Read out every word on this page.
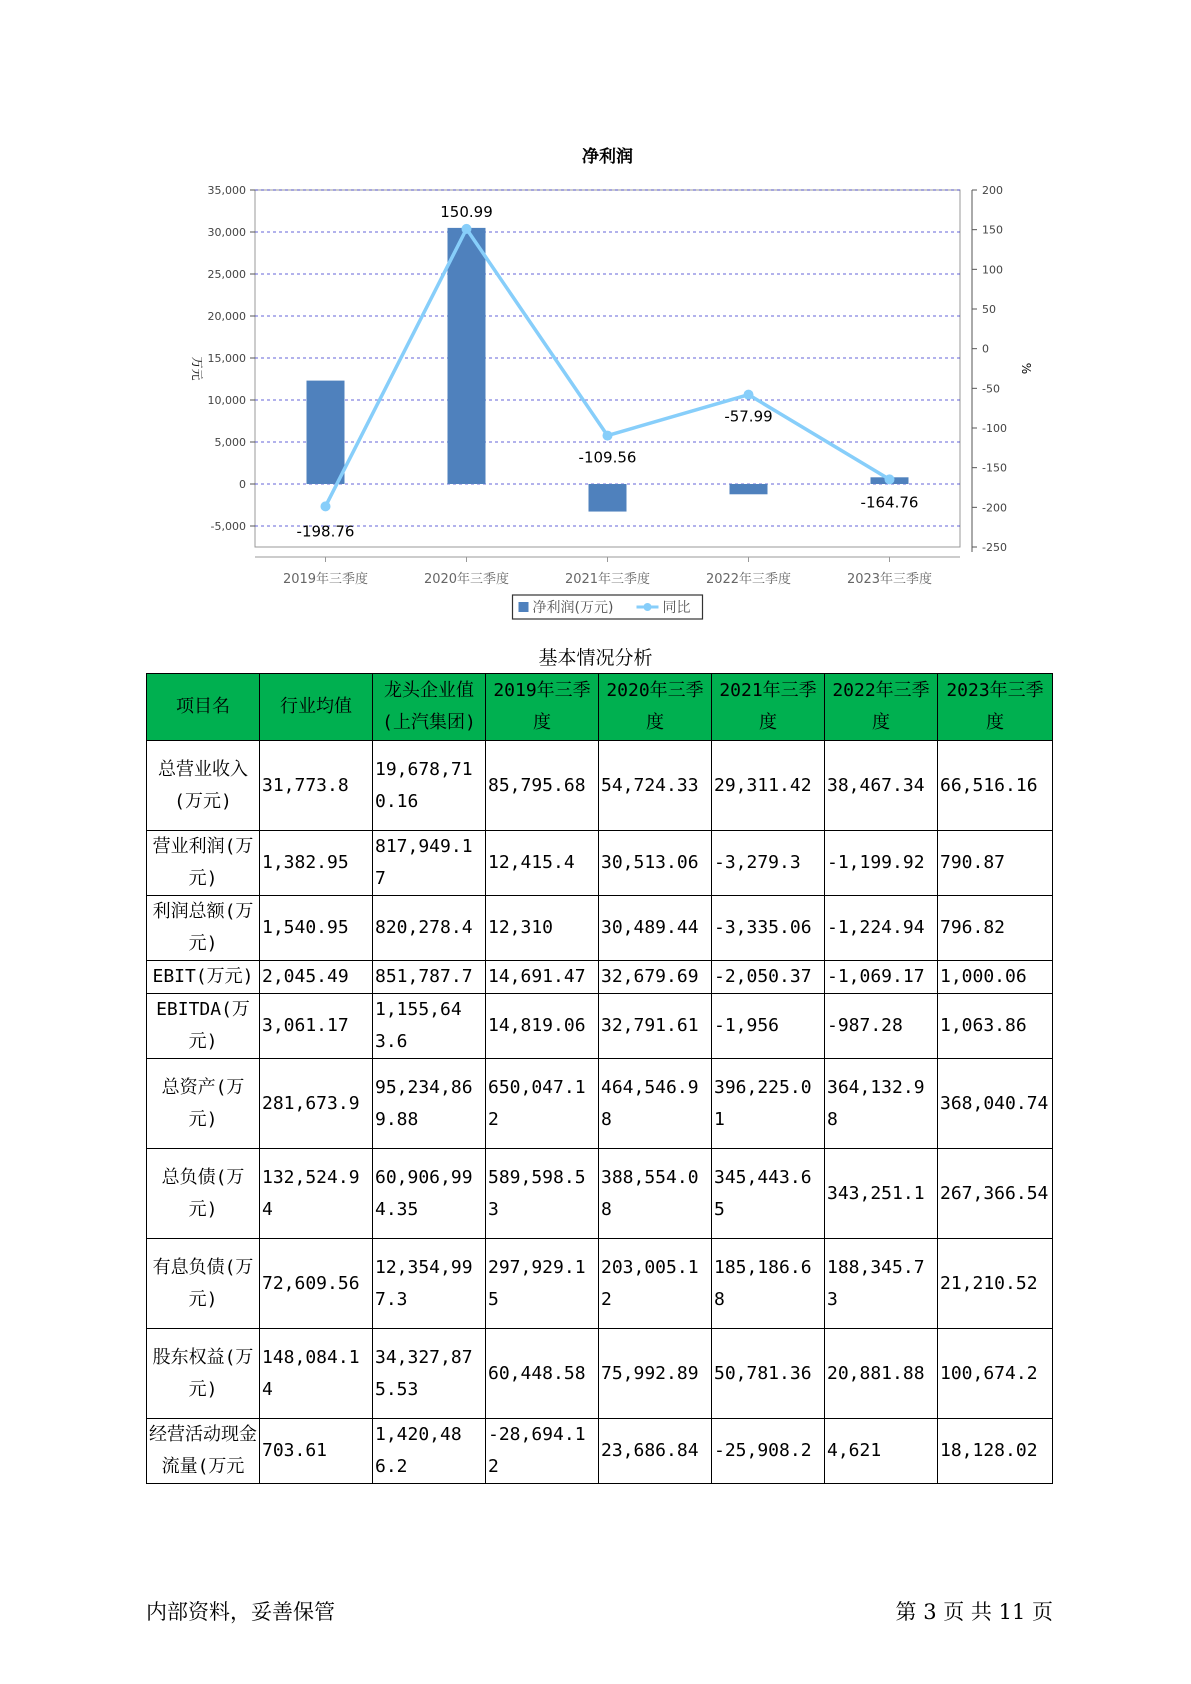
净利润
35,000
30,000
25,000
20,000
15,000
10,000
5,000
0
-5,000
200
150
100
50
0
-50
-100
-150
-200
-250
万元	%
2019年三季度	2020年三季度	2021年三季度	2022年三季度	2023年三季度
-198.76
150.99
-109.56
-57.99
-164.76
净利润(万元)	同比
基本情况分析
项目名	行业均值	龙头企业值(上汽集团)	2019年三季度	2020年三季度	2021年三季度	2022年三季度	2023年三季度
总营业收入(万元)	31,773.8	19,678,710.16	85,795.68	54,724.33	29,311.42	38,467.34	66,516.16
营业利润(万元)	1,382.95	817,949.17	12,415.4	30,513.06	-3,279.3	-1,199.92	790.87
利润总额(万元)	1,540.95	820,278.4	12,310	30,489.44	-3,335.06	-1,224.94	796.82
EBIT(万元)	2,045.49	851,787.7	14,691.47	32,679.69	-2,050.37	-1,069.17	1,000.06
EBITDA(万元)	3,061.17	1,155,643.6	14,819.06	32,791.61	-1,956	-987.28	1,063.86
总资产(万元)	281,673.9	95,234,869.88	650,047.12	464,546.98	396,225.01	364,132.98	368,040.74
总负债(万元)	132,524.94	60,906,994.35	589,598.53	388,554.08	345,443.65	343,251.1	267,366.54
有息负债(万元)	72,609.56	12,354,997.3	297,929.15	203,005.12	185,186.68	188,345.73	21,210.52
股东权益(万元)	148,084.14	34,327,875.53	60,448.58	75,992.89	50,781.36	20,881.88	100,674.2
经营活动现金流量(万元	703.61	1,420,486.2	-28,694.12	23,686.84	-25,908.2	4,621	18,128.02
内部资料，妥善保管	第 3 页 共 11 页
